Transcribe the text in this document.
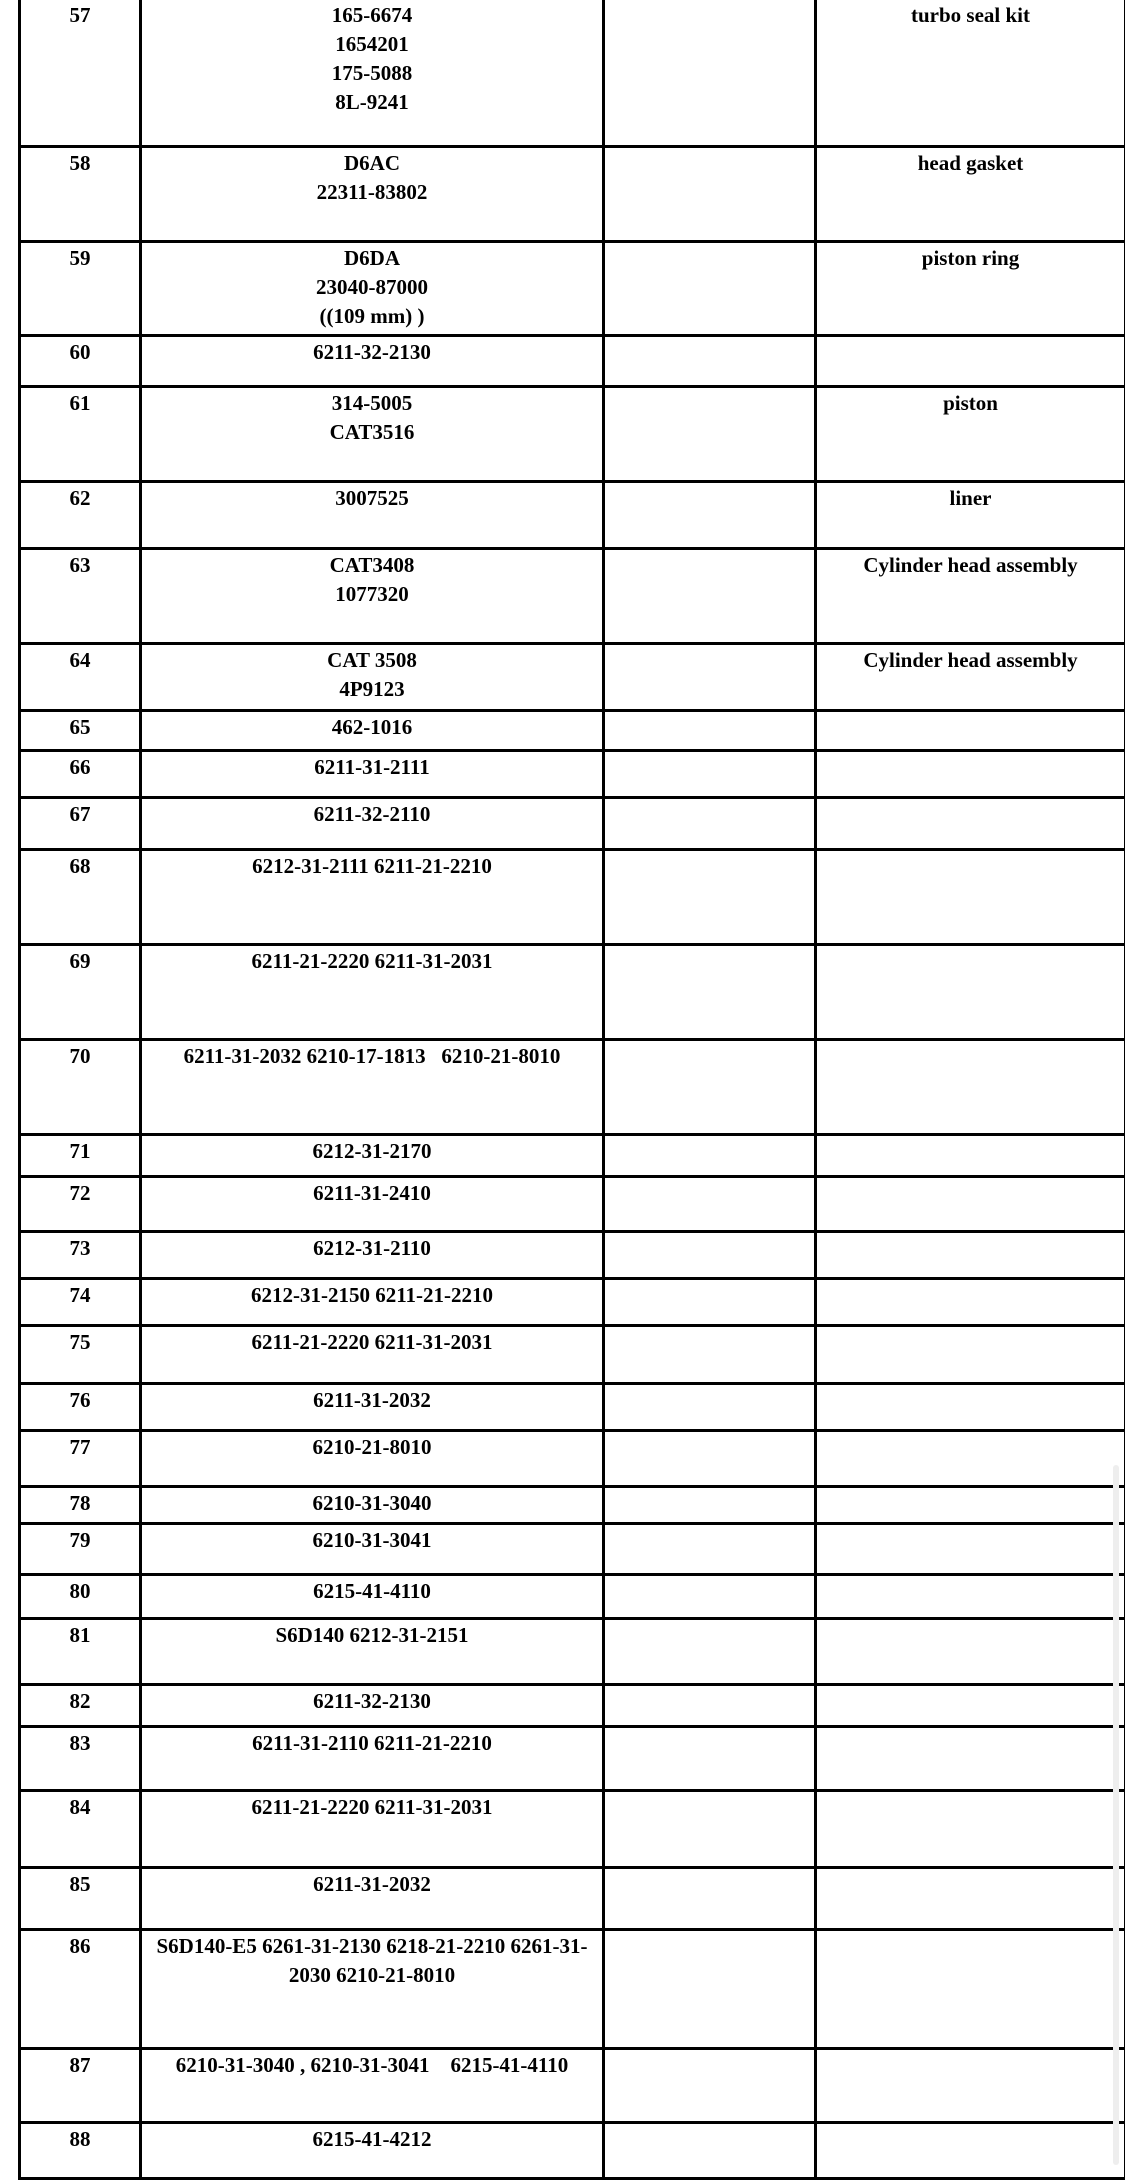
57	165-6674
1654201
175-5088
8L-9241		turbo seal kit

58	D6AC
22311-83802		head gasket

59	D6DA
23040-87000
((109 mm) )		piston ring

60	6211-32-2130		

61	314-5005
CAT3516		piston

62	3007525		liner

63	CAT3408
1077320		Cylinder head assembly

64	CAT 3508
4P9123		Cylinder head assembly

65	462-1016		

66	6211-31-2111		

67	6211-32-2110		

68	6212-31-2111 6211-21-2210		

69	6211-21-2220 6211-31-2031		

70	6211-31-2032 6210-17-1813   6210-21-8010		

71	6212-31-2170		

72	6211-31-2410		

73	6212-31-2110		

74	6212-31-2150 6211-21-2210		

75	6211-21-2220 6211-31-2031		

76	6211-31-2032		

77	6210-21-8010		

78	6210-31-3040		

79	6210-31-3041		

80	6215-41-4110		

81	S6D140 6212-31-2151		

82	6211-32-2130		

83	6211-31-2110 6211-21-2210		

84	6211-21-2220 6211-31-2031		

85	6211-31-2032		

86	S6D140-E5 6261-31-2130 6218-21-2210 6261-31-
2030 6210-21-8010		

87	6210-31-3040 , 6210-31-3041    6215-41-4110		

88	6215-41-4212		
